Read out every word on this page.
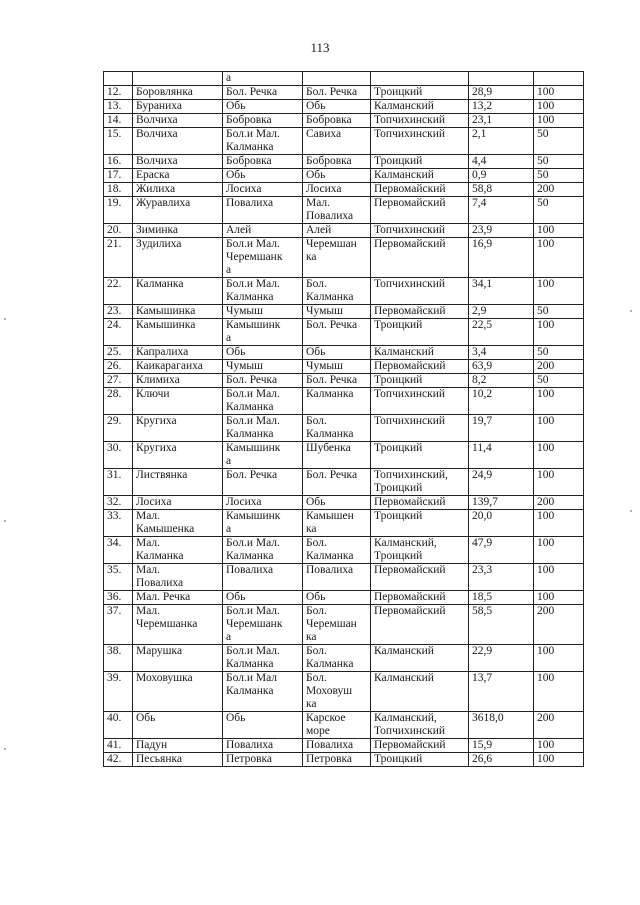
113
		а				
12.	Боровлянка	Бол. Речка	Бол. Речка	Троицкий	28,9	100
13.	Бураниха	Обь	Обь	Калманский	13,2	100
14.	Волчиха	Бобровка	Бобровка	Топчихинский	23,1	100
15.	Волчиха	Бол.и Мал.
Калманка	Савиха	Топчихинский	2,1	50
16.	Волчиха	Бобровка	Бобровка	Троицкий	4,4	50
17.	Ераска	Обь	Обь	Калманский	0,9	50
18.	Жилиха	Лосиха	Лосиха	Первомайский	58,8	200
19.	Журавлиха	Повалиха	Мал.
Повалиха	Первомайский	7,4	50
20.	Зиминка	Алей	Алей	Топчихинский	23,9	100
21.	Зудилиха	Бол.и Мал.
Черемшанк
а	Черемшан
ка	Первомайский	16,9	100
22.	Калманка	Бол.и Мал.
Калманка	Бол.
Калманка	Топчихинский	34,1	100
23.	Камышинка	Чумыш	Чумыш	Первомайский	2,9	50
24.	Камышинка	Камышинк
а	Бол. Речка	Троицкий	22,5	100
25.	Капралиха	Обь	Обь	Калманский	3,4	50
26.	Каикарагаиха	Чумыш	Чумыш	Первомайский	63,9	200
27.	Климиха	Бол. Речка	Бол. Речка	Троицкий	8,2	50
28.	Ключи	Бол.и Мал.
Калманка	Калманка	Топчихинский	10,2	100
29.	Кругиха	Бол.и Мал.
Калманка	Бол.
Калманка	Топчихинский	19,7	100
30.	Кругиха	Камышинк
а	Шубенка	Троицкий	11,4	100
31.	Листвянка	Бол. Речка	Бол. Речка	Топчихинский,
Троицкий	24,9	100
32.	Лосиха	Лосиха	Обь	Первомайский	139,7	200
33.	Мал.
Камышенка	Камышинк
а	Камышен
ка	Троицкий	20,0	100
34.	Мал.
Калманка	Бол.и Мал.
Калманка	Бол.
Калманка	Калманский,
Троицкий	47,9	100
35.	Мал.
Повалиха	Повалиха	Повалиха	Первомайский	23,3	100
36.	Мал. Речка	Обь	Обь	Первомайский	18,5	100
37.	Мал.
Черемшанка	Бол.и Мал.
Черемшанк
а	Бол.
Черемшан
ка	Первомайский	58,5	200
38.	Марушка	Бол.и Мал.
Калманка	Бол.
Калманка	Калманский	22,9	100
39.	Моховушка	Бол.и Мал
Калманка	Бол.
Моховуш
ка	Калманский	13,7	100
40.	Обь	Обь	Карское
море	Калманский,
Топчихинский	3618,0	200
41.	Падун	Повалиха	Повалиха	Первомайский	15,9	100
42.	Песьянка	Петровка	Петровка	Троицкий	26,6	100
